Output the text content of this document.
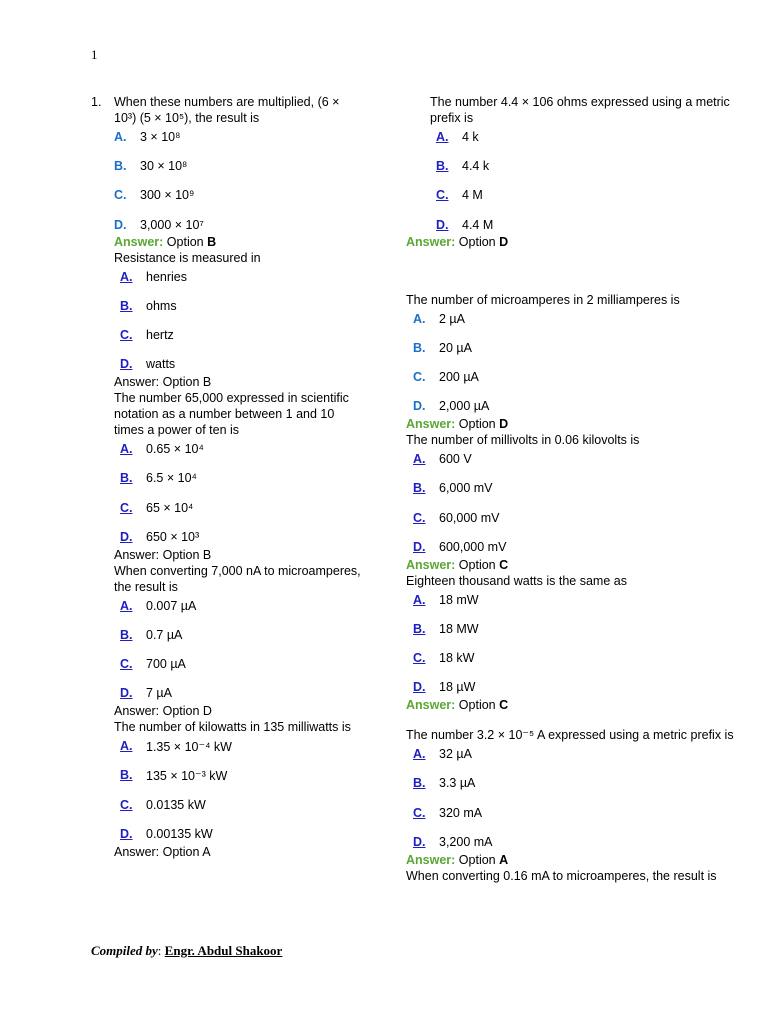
1
1. When these numbers are multiplied, (6 × 10³) (5 × 10⁵), the result is
A.	3 × 10⁸
B.	30 × 10⁸
C.	300 × 10⁹
D.	3,000 × 10⁷
Answer: Option B
Resistance is measured in
A.	henries
B.	ohms
C.	hertz
D.	watts
Answer: Option B
The number 65,000 expressed in scientific notation as a number between 1 and 10 times a power of ten is
A.	0.65 × 10⁴
B.	6.5 × 10⁴
C.	65 × 10⁴
D.	650 × 10³
Answer: Option B
When converting 7,000 nA to microamperes, the result is
A.	0.007 µA
B.	0.7 µA
C.	700 µA
D.	7 µA
Answer: Option D
The number of kilowatts in 135 milliwatts is
A.	1.35 × 10⁻⁴ kW
B.	135 × 10⁻³ kW
C.	0.0135 kW
D.	0.00135 kW
Answer: Option A
The number 4.4 × 106 ohms expressed using a metric prefix is
A.	4 k
B.	4.4 k
C.	4 M
D.	4.4 M
Answer: Option D
The number of microamperes in 2 milliamperes is
A.	2 µA
B.	20 µA
C.	200 µA
D.	2,000 µA
Answer: Option D
The number of millivolts in 0.06 kilovolts is
A.	600 V
B.	6,000 mV
C.	60,000 mV
D.	600,000 mV
Answer: Option C
Eighteen thousand watts is the same as
A.	18 mW
B.	18 MW
C.	18 kW
D.	18 µW
Answer: Option C
The number 3.2 × 10⁻⁵ A expressed using a metric prefix is
A.	32 µA
B.	3.3 µA
C.	320 mA
D.	3,200 mA
Answer: Option A
When converting 0.16 mA to microamperes, the result is
Compiled by: Engr. Abdul Shakoor
